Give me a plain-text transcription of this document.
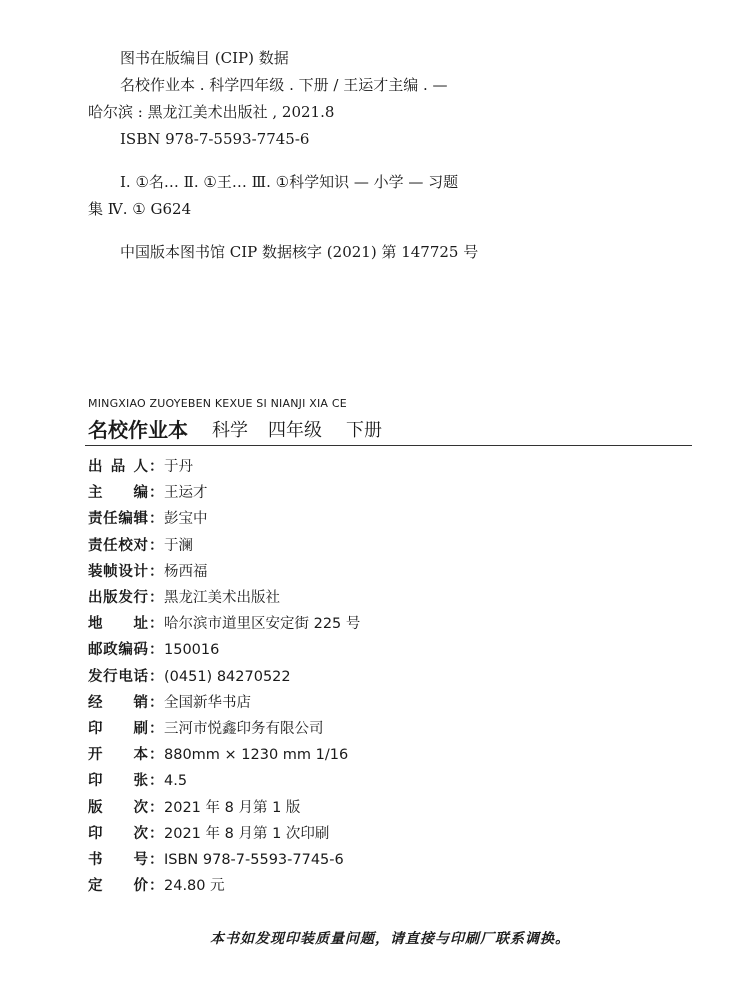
图书在版编目 (CIP) 数据
名校作业本 . 科学四年级 . 下册 / 王运才主编 . —
哈尔滨 : 黑龙江美术出版社 , 2021.8
ISBN 978-7-5593-7745-6
Ⅰ. ①名… Ⅱ. ①王… Ⅲ. ①科学知识 — 小学 — 习题
集 Ⅳ. ① G624
中国版本图书馆 CIP 数据核字 (2021) 第 147725 号
MINGXIAO ZUOYEBEN KEXUE SI NIANJI XIA CE
名校作业本 科学 四年级 下册
出 品 人 ： 于丹
主 编 ： 王运才
责 任 编 辑 ： 彭宝中
责 任 校 对 ： 于澜
装 帧 设 计 ： 杨西福
出 版 发 行 ： 黑龙江美术出版社
地 址 ： 哈尔滨市道里区安定街 225 号
邮 政 编 码 ： 150016
发 行 电 话 ： (0451) 84270522
经 销 ： 全国新华书店
印 刷 ： 三河市悦鑫印务有限公司
开 本 ： 880mm × 1230 mm 1/16
印 张 ： 4.5
版 次 ： 2021 年 8 月第 1 版
印 次 ： 2021 年 8 月第 1 次印刷
书 号 ： ISBN 978-7-5593-7745-6
定 价 ： 24.80 元
本书如发现印装质量问题，请直接与印刷厂联系调换。
